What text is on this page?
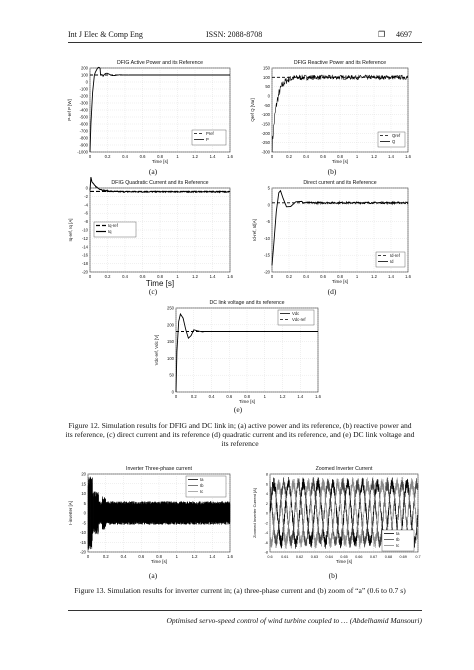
Int J Elec & Comp Eng	ISSN: 2088-8708	❒ 4697
DFIG Active Power and its Reference
0	0.2	0.4	0.6	0.8	1	1.2	1.4	1.6
200
100
0
-100
-200
-300
-400
-500
-600
-700
-800
-900
-1000
Time [s]
P-ref P [W]
Pref
P
(a)
DFIG Reactive Power and its Reference
0	0.2	0.4	0.6	0.8	1	1.2	1.4	1.6
150
100
50
0
-50
-100
-150
-200
-250
-300
Time [s]
Qref Q [Var]
Qref
Q
(b)
DFIG Quadratic Current and its Reference
0	0.2	0.4	0.6	0.8	1	1.2	1.4	1.6
0
-2
-4
-6
-8
-10
-12
-14
-16
-18
-20
Time [s]
Iq-ref, Iq [A]	Iq-ref
Iq
(c)
Direct current and its Reference
0	0.2	0.4	0.6	0.8	1	1.2	1.4	1.6
5
0
-5
-10
-15
-20
Time [s]
Id-ref, Id[A]
Id-ref
Id
(d)
DC link voltage and its reference
0	0.2	0.4	0.6	0.8	1	1.2	1.4	1.6
250
200
150
100
50
0
Time [s]
Vdc-ref, Vdc [V]
Vdc
Vdc-ref
(e)
Figure 12. Simulation results for DFIG and DC link in; (a) active power and its reference, (b) reactive power and its reference, (c) direct current and its reference (d) quadratic current and its reference, and (e) DC link voltage and its reference
Inverter Three-phase current
0	0.2	0.4	0.6	0.8	1	1.2	1.4	1.6
20
15
10
5
0
-5
-10
-15
-20
Time [s]
I-inverter [A]
Ia
Ib
Ic
(a)
Zoomed Inverter Current
0.6 0.61 0.62 0.63 0.64 0.65 0.66 0.67 0.68 0.69 0.7
8
6
4
2
0
-2
-4
-6
-8
Time [s]
Zoomed Inverter Current [A]	Ia
Ib
Ic
(b)
Figure 13. Simulation results for inverter current in; (a) three-phase current and (b) zoom of “a” (0.6 to 0.7 s)
Optimised servo-speed control of wind turbine coupled to … (Abdelhamid Mansouri)
